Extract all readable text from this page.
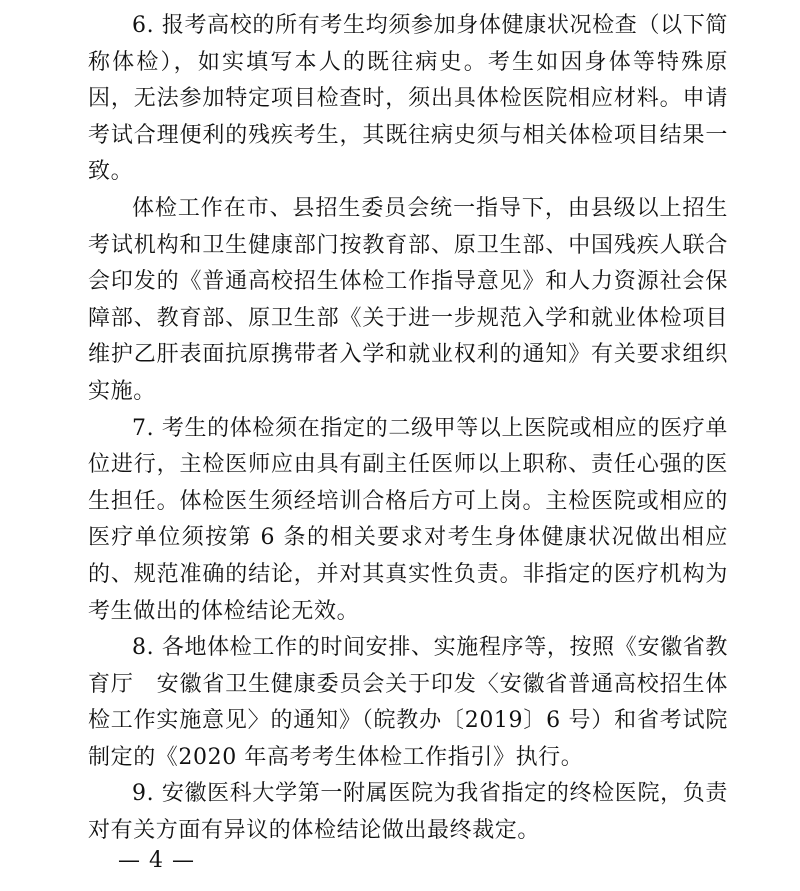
6. 报考高校的所有考生均须参加身体健康状况检查（以下简称体检），如实填写本人的既往病史。考生如因身体等特殊原因，无法参加特定项目检查时，须出具体检医院相应材料。申请考试合理便利的残疾考生，其既往病史须与相关体检项目结果一致。

体检工作在市、县招生委员会统一指导下，由县级以上招生考试机构和卫生健康部门按教育部、原卫生部、中国残疾人联合会印发的《普通高校招生体检工作指导意见》和人力资源社会保障部、教育部、原卫生部《关于进一步规范入学和就业体检项目维护乙肝表面抗原携带者入学和就业权利的通知》有关要求组织实施。

7. 考生的体检须在指定的二级甲等以上医院或相应的医疗单位进行，主检医师应由具有副主任医师以上职称、责任心强的医生担任。体检医生须经培训合格后方可上岗。主检医院或相应的医疗单位须按第 6 条的相关要求对考生身体健康状况做出相应的、规范准确的结论，并对其真实性负责。非指定的医疗机构为考生做出的体检结论无效。

8. 各地体检工作的时间安排、实施程序等，按照《安徽省教育厅　安徽省卫生健康委员会关于印发〈安徽省普通高校招生体检工作实施意见〉的通知》（皖教办〔2019〕6 号）和省考试院制定的《2020 年高考考生体检工作指引》执行。

9. 安徽医科大学第一附属医院为我省指定的终检医院，负责对有关方面有异议的体检结论做出最终裁定。

— 4 —
